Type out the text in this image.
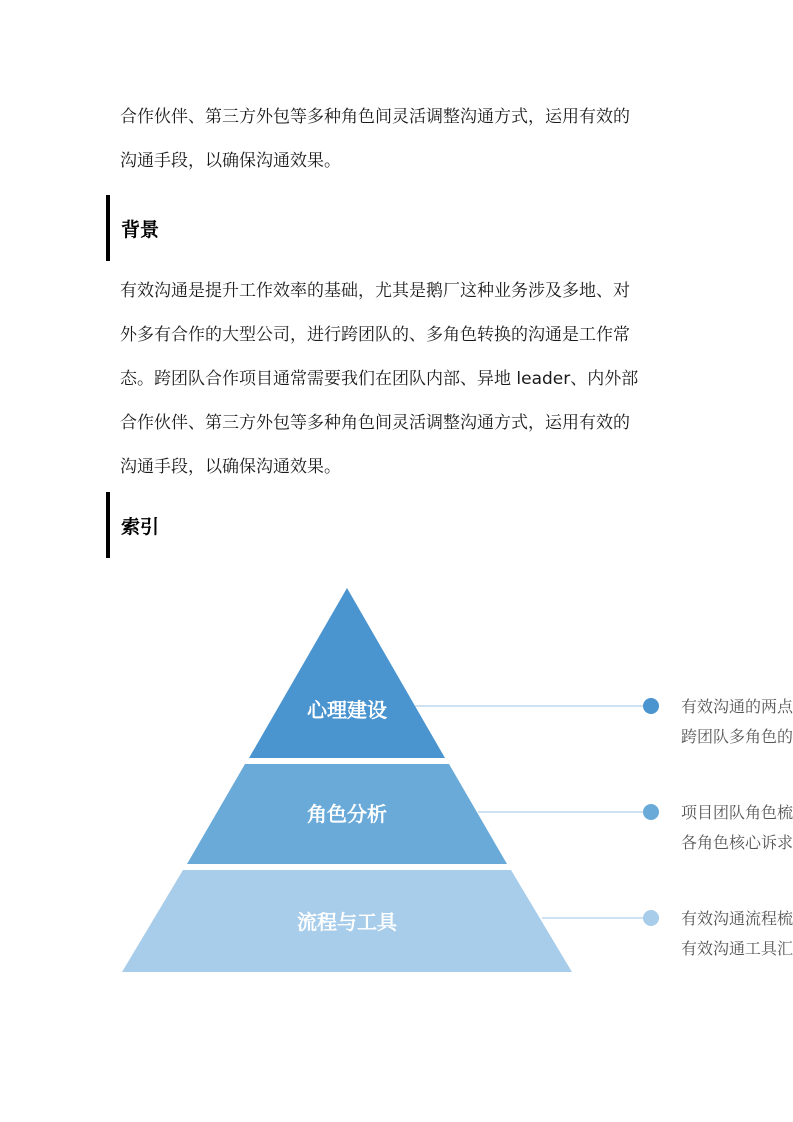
合作伙伴、第三方外包等多种角色间灵活调整沟通方式，运用有效的
沟通手段，以确保沟通效果。
背景
有效沟通是提升工作效率的基础，尤其是鹅厂这种业务涉及多地、对
外多有合作的大型公司，进行跨团队的、多角色转换的沟通是工作常
态。跨团队合作项目通常需要我们在团队内部、异地 leader、内外部
合作伙伴、第三方外包等多种角色间灵活调整沟通方式，运用有效的
沟通手段，以确保沟通效果。
索引
心理建设
角色分析
流程与工具
有效沟通的两点
跨团队多角色的
项目团队角色梳
各角色核心诉求
有效沟通流程梳
有效沟通工具汇
